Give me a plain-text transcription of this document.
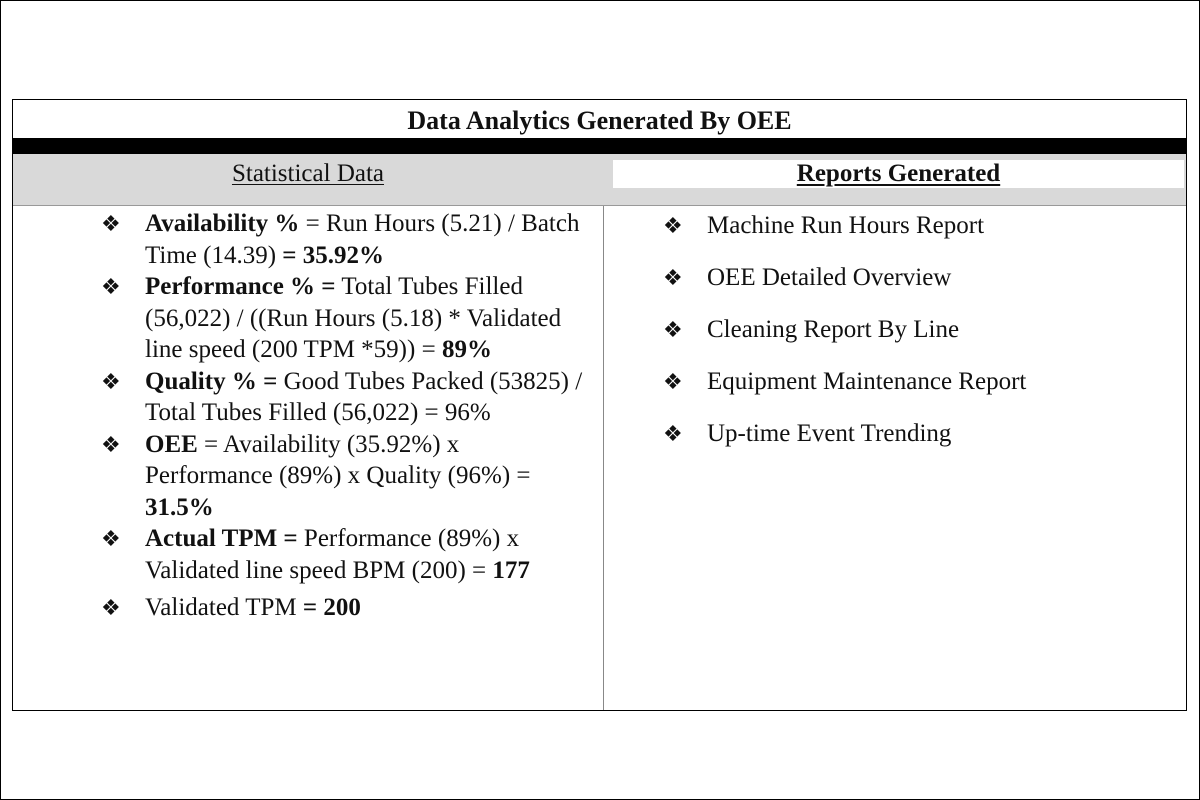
Data Analytics Generated By OEE
Statistical Data	Reports Generated
❖ Availability % = Run Hours (5.21) / Batch Time (14.39) = 35.92%
❖ Performance % = Total Tubes Filled (56,022) / ((Run Hours (5.18) * Validated line speed (200 TPM *59)) = 89%
❖ Quality % = Good Tubes Packed (53825) / Total Tubes Filled (56,022) = 96%
❖ OEE = Availability (35.92%) x Performance (89%) x Quality (96%) = 31.5%
❖ Actual TPM = Performance (89%) x Validated line speed BPM (200) = 177
❖ Validated TPM = 200
❖ Machine Run Hours Report
❖ OEE Detailed Overview
❖ Cleaning Report By Line
❖ Equipment Maintenance Report
❖ Up-time Event Trending
